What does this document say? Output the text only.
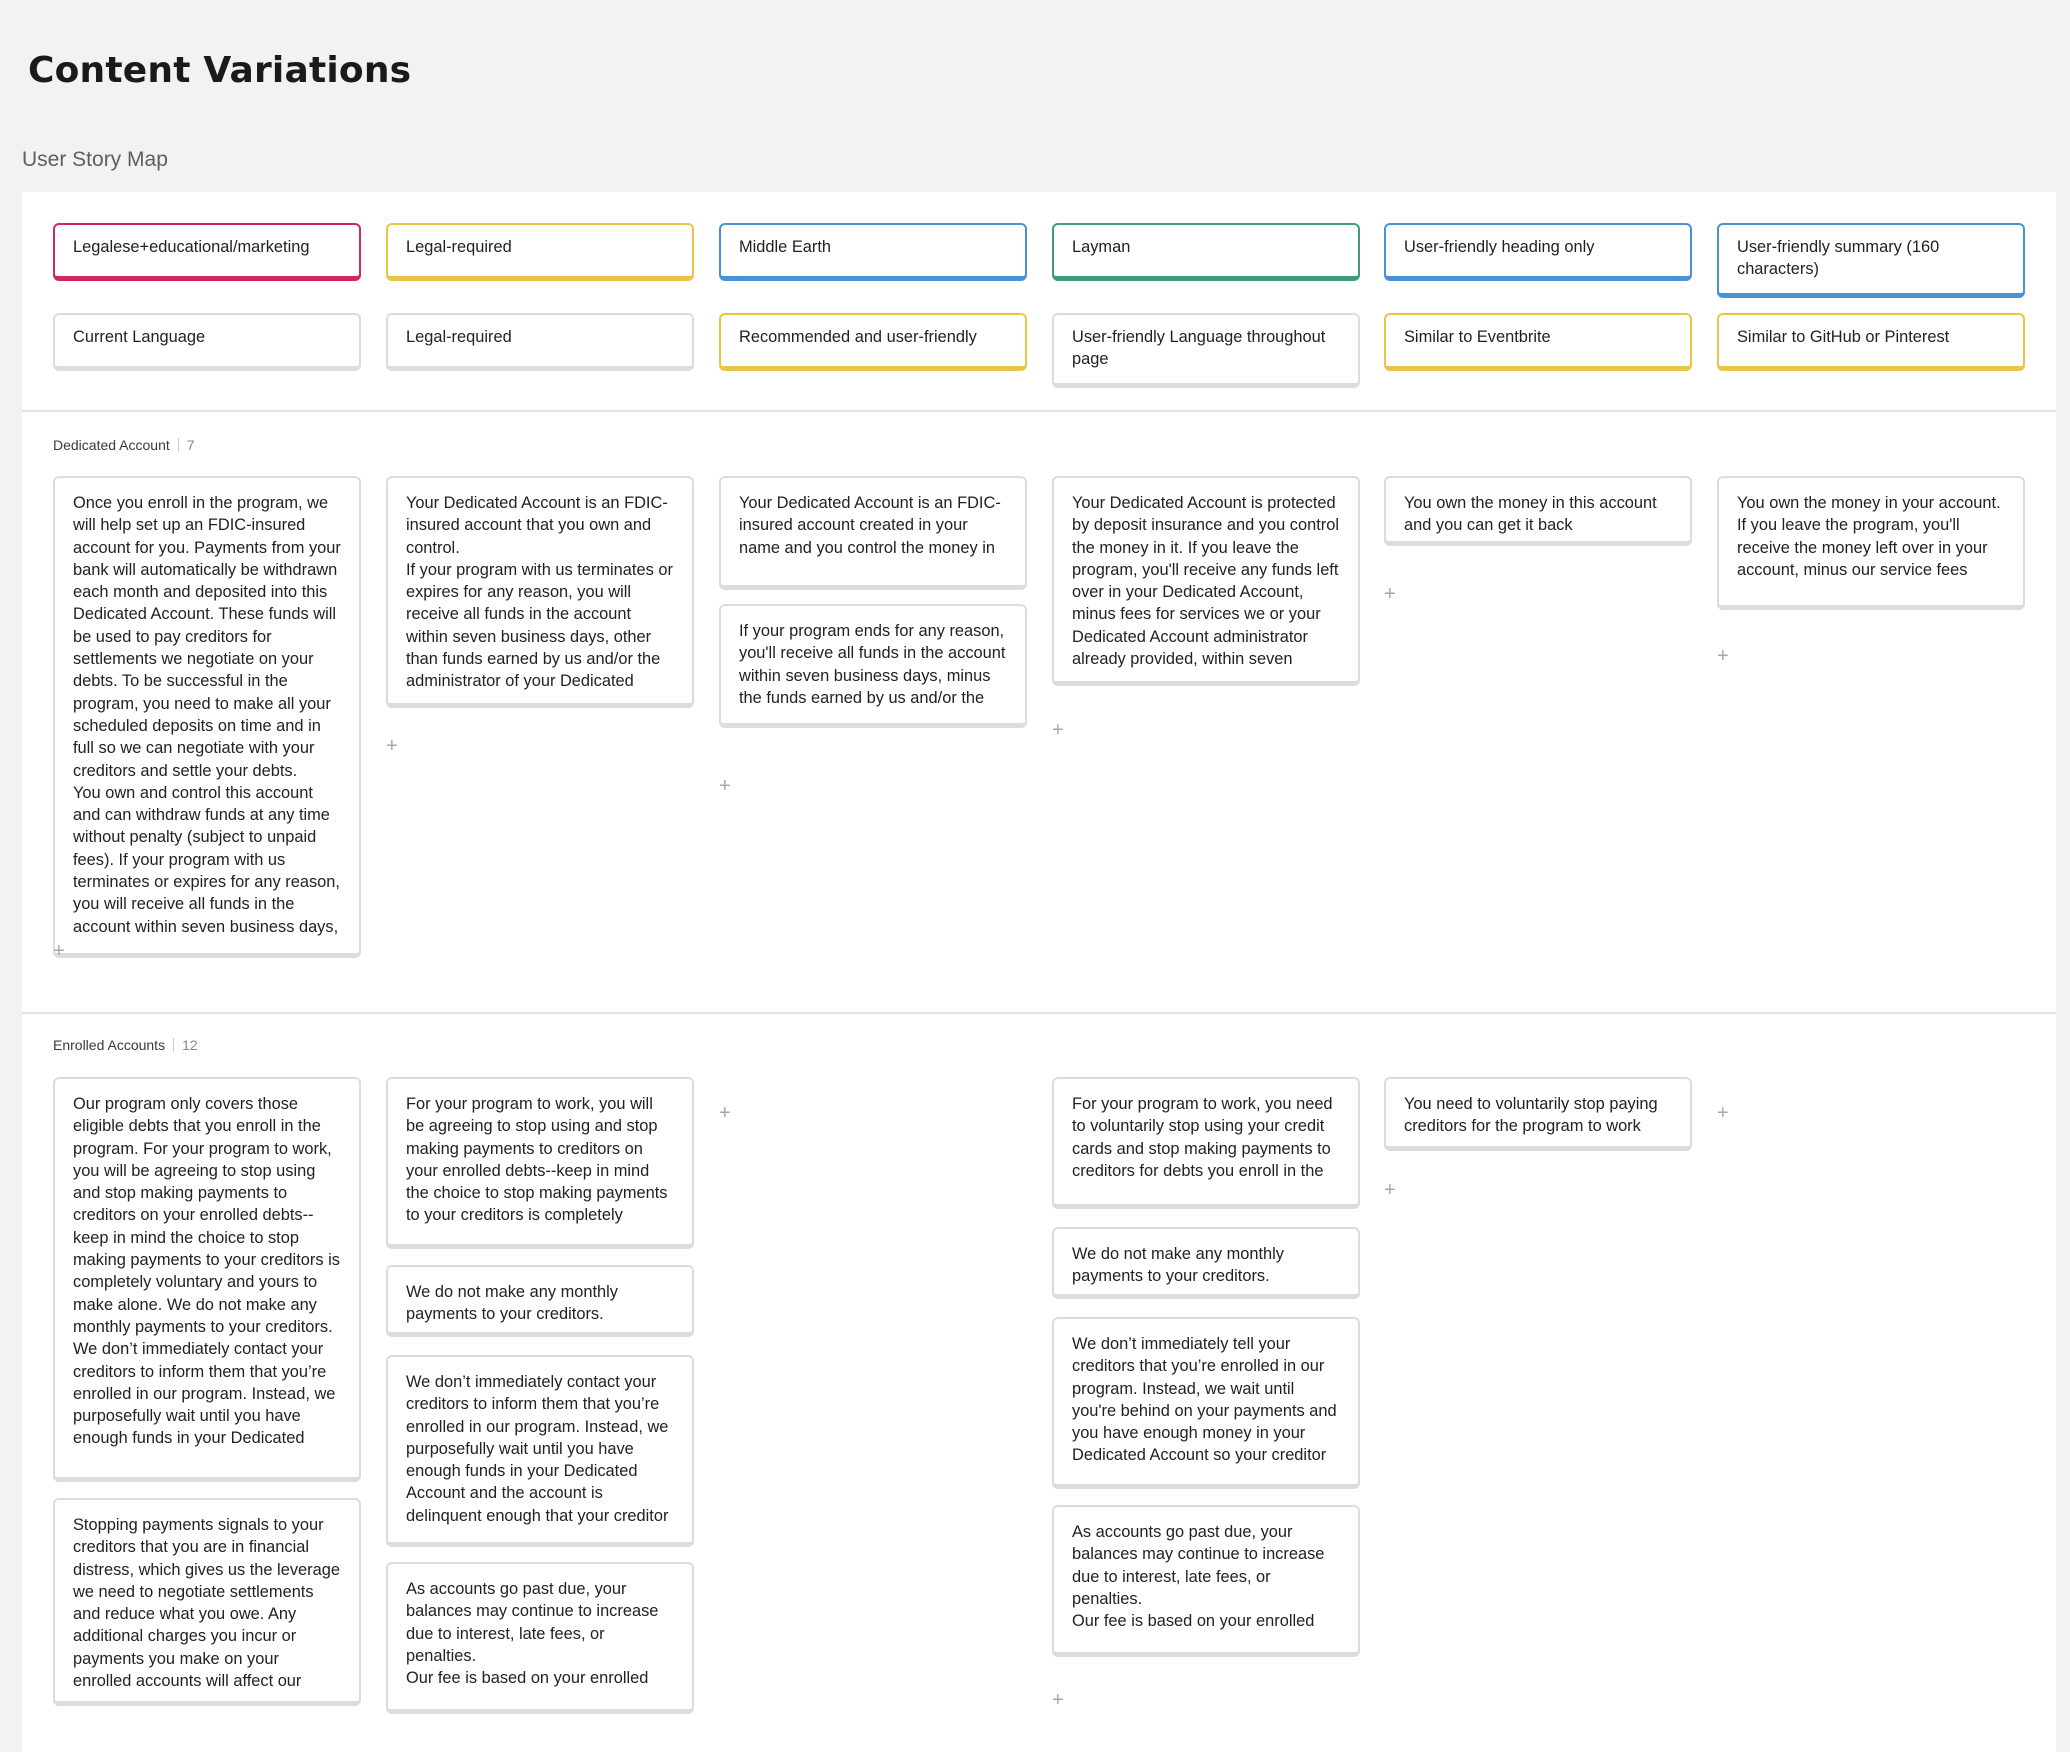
Content Variations
User Story Map
Legalese+educational/marketing
Current Language
Legal-required
Legal-required
Middle Earth
Recommended and user-friendly
Layman
User-friendly Language throughout page
User-friendly heading only
Similar to Eventbrite
User-friendly summary (160 characters)
Similar to GitHub or Pinterest
Dedicated Account	7
Once you enroll in the program, we will help set up an FDIC-insured account for you. Payments from your bank will automatically be withdrawn each month and deposited into this Dedicated Account. These funds will be used to pay creditors for settlements we negotiate on your debts. To be successful in the program, you need to make all your scheduled deposits on time and in full so we can negotiate with your creditors and settle your debts.
You own and control this account and can withdraw funds at any time without penalty (subject to unpaid fees). If your program with us terminates or expires for any reason, you will receive all funds in the account within seven business days,
+
Your Dedicated Account is an FDIC-insured account that you own and control.
If your program with us terminates or expires for any reason, you will receive all funds in the account within seven business days, other than funds earned by us and/or the administrator of your Dedicated
+
Your Dedicated Account is an FDIC-insured account created in your name and you control the money in
If your program ends for any reason, you'll receive all funds in the account within seven business days, minus the funds earned by us and/or the
+
Your Dedicated Account is protected by deposit insurance and you control the money in it. If you leave the program, you'll receive any funds left over in your Dedicated Account, minus fees for services we or your Dedicated Account administrator already provided, within seven
+
You own the money in this account and you can get it back
+
You own the money in your account. If you leave the program, you'll receive the money left over in your account, minus our service fees
+
Enrolled Accounts	12
Our program only covers those eligible debts that you enroll in the program. For your program to work, you will be agreeing to stop using and stop making payments to creditors on your enrolled debts--keep in mind the choice to stop making payments to your creditors is completely voluntary and yours to make alone. We do not make any monthly payments to your creditors. We don’t immediately contact your creditors to inform them that you’re enrolled in our program. Instead, we purposefully wait until you have enough funds in your Dedicated
Stopping payments signals to your creditors that you are in financial distress, which gives us the leverage we need to negotiate settlements and reduce what you owe. Any additional charges you incur or payments you make on your enrolled accounts will affect our
For your program to work, you will be agreeing to stop using and stop making payments to creditors on your enrolled debts--keep in mind the choice to stop making payments to your creditors is completely
We do not make any monthly payments to your creditors.
We don’t immediately contact your creditors to inform them that you’re enrolled in our program. Instead, we purposefully wait until you have enough funds in your Dedicated Account and the account is delinquent enough that your creditor
As accounts go past due, your balances may continue to increase due to interest, late fees, or penalties.
Our fee is based on your enrolled
+	For your program to work, you need to voluntarily stop using your credit cards and stop making payments to creditors for debts you enroll in the
We do not make any monthly payments to your creditors.
We don’t immediately tell your creditors that you’re enrolled in our program. Instead, we wait until you're behind on your payments and you have enough money in your Dedicated Account so your creditor
As accounts go past due, your balances may continue to increase due to interest, late fees, or penalties.
Our fee is based on your enrolled
+
You need to voluntarily stop paying creditors for the program to work
+
+
